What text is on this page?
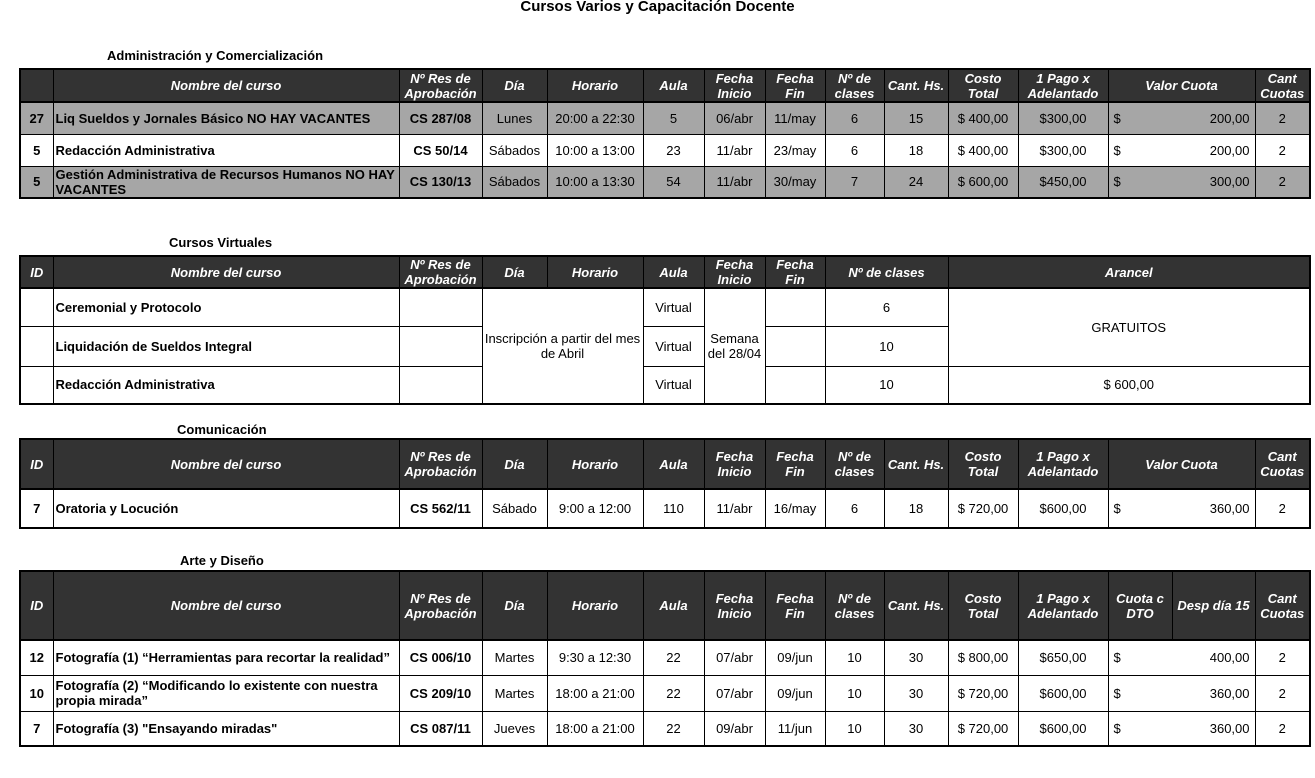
Cursos Varios y Capacitación Docente
Administración y Comercialización
	Nombre del curso	Nº Res de Aprobación	Día	Horario	Aula	Fecha Inicio	Fecha Fin	Nº de clases	Cant. Hs.	Costo Total	1 Pago x Adelantado	Valor Cuota	Cant Cuotas
27	Liq Sueldos y Jornales Básico NO HAY VACANTES	CS 287/08	Lunes	20:00 a 22:30	5	06/abr	11/may	6	15	$ 400,00	$300,00	$ 200,00	2
5	Redacción Administrativa	CS 50/14	Sábados	10:00 a 13:00	23	11/abr	23/may	6	18	$ 400,00	$300,00	$ 200,00	2
5	Gestión Administrativa de Recursos Humanos NO HAY VACANTES	CS 130/13	Sábados	10:00 a 13:30	54	11/abr	30/may	7	24	$ 600,00	$450,00	$ 300,00	2
Cursos Virtuales
ID	Nombre del curso	Nº Res de Aprobación	Día	Horario	Aula	Fecha Inicio	Fecha Fin	Nº de clases	Arancel
	Ceremonial y Protocolo		Inscripción a partir del mes de Abril		Virtual	Semana del 28/04		6	GRATUITOS
	Liquidación de Sueldos Integral				Virtual			10	
	Redacción Administrativa				Virtual			10	$ 600,00
Comunicación
ID	Nombre del curso	Nº Res de Aprobación	Día	Horario	Aula	Fecha Inicio	Fecha Fin	Nº de clases	Cant. Hs.	Costo Total	1 Pago x Adelantado	Valor Cuota	Cant Cuotas
7	Oratoria y Locución	CS 562/11	Sábado	9:00 a 12:00	110	11/abr	16/may	6	18	$ 720,00	$600,00	$ 360,00	2
Arte y Diseño
ID	Nombre del curso	Nº Res de Aprobación	Día	Horario	Aula	Fecha Inicio	Fecha Fin	Nº de clases	Cant. Hs.	Costo Total	1 Pago x Adelantado	Cuota c DTO	Desp día 15	Cant Cuotas
12	Fotografía (1) “Herramientas para recortar la realidad”	CS 006/10	Martes	9:30 a 12:30	22	07/abr	09/jun	10	30	$ 800,00	$650,00	$ 400,00		2
10	Fotografía (2) “Modificando lo existente con nuestra propia mirada”	CS 209/10	Martes	18:00 a 21:00	22	07/abr	09/jun	10	30	$ 720,00	$600,00	$ 360,00		2
7	Fotografía (3) "Ensayando miradas"	CS 087/11	Jueves	18:00 a 21:00	22	09/abr	11/jun	10	30	$ 720,00	$600,00	$ 360,00		2
